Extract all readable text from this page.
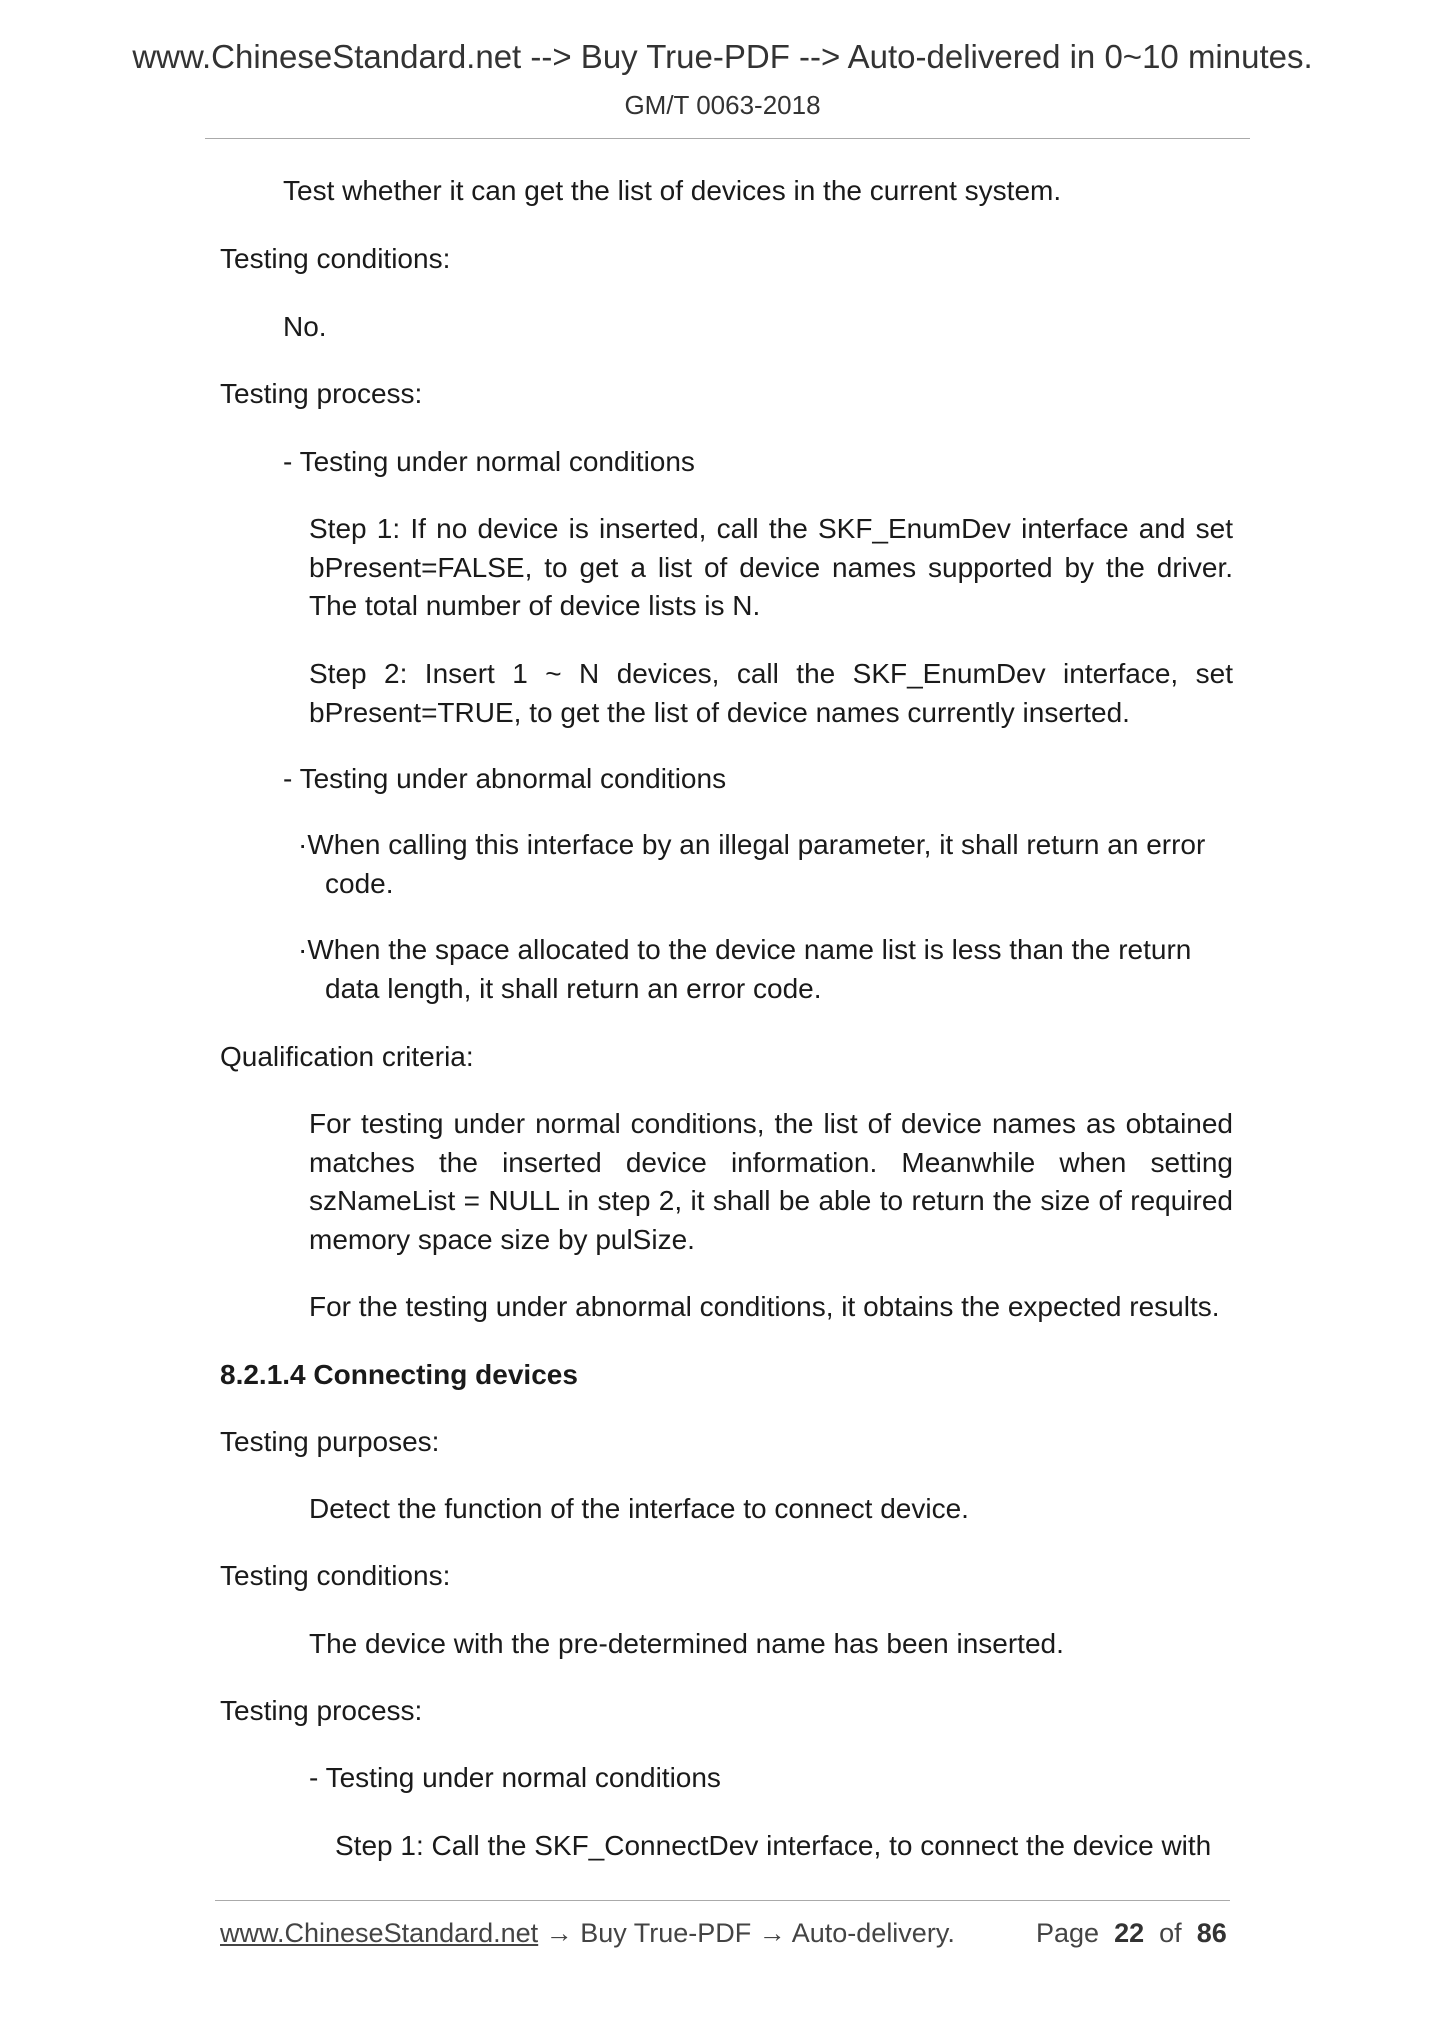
www.ChineseStandard.net --> Buy True-PDF --> Auto-delivered in 0~10 minutes.
GM/T 0063-2018
Test whether it can get the list of devices in the current system.
Testing conditions:
No.
Testing process:
- Testing under normal conditions
Step 1: If no device is inserted, call the SKF_EnumDev interface and set bPresent=FALSE, to get a list of device names supported by the driver. The total number of device lists is N.
Step 2: Insert 1 ~ N devices, call the SKF_EnumDev interface, set bPresent=TRUE, to get the list of device names currently inserted.
- Testing under abnormal conditions
·When calling this interface by an illegal parameter, it shall return an error
code.
·When the space allocated to the device name list is less than the return
data length, it shall return an error code.
Qualification criteria:
For testing under normal conditions, the list of device names as obtained matches the inserted device information. Meanwhile when setting szNameList = NULL in step 2, it shall be able to return the size of required memory space size by pulSize.
For the testing under abnormal conditions, it obtains the expected results.
8.2.1.4 Connecting devices
Testing purposes:
Detect the function of the interface to connect device.
Testing conditions:
The device with the pre-determined name has been inserted.
Testing process:
- Testing under normal conditions
Step 1: Call the SKF_ConnectDev interface, to connect the device with
www.ChineseStandard.net → Buy True-PDF → Auto-delivery.	Page 22 of 86
